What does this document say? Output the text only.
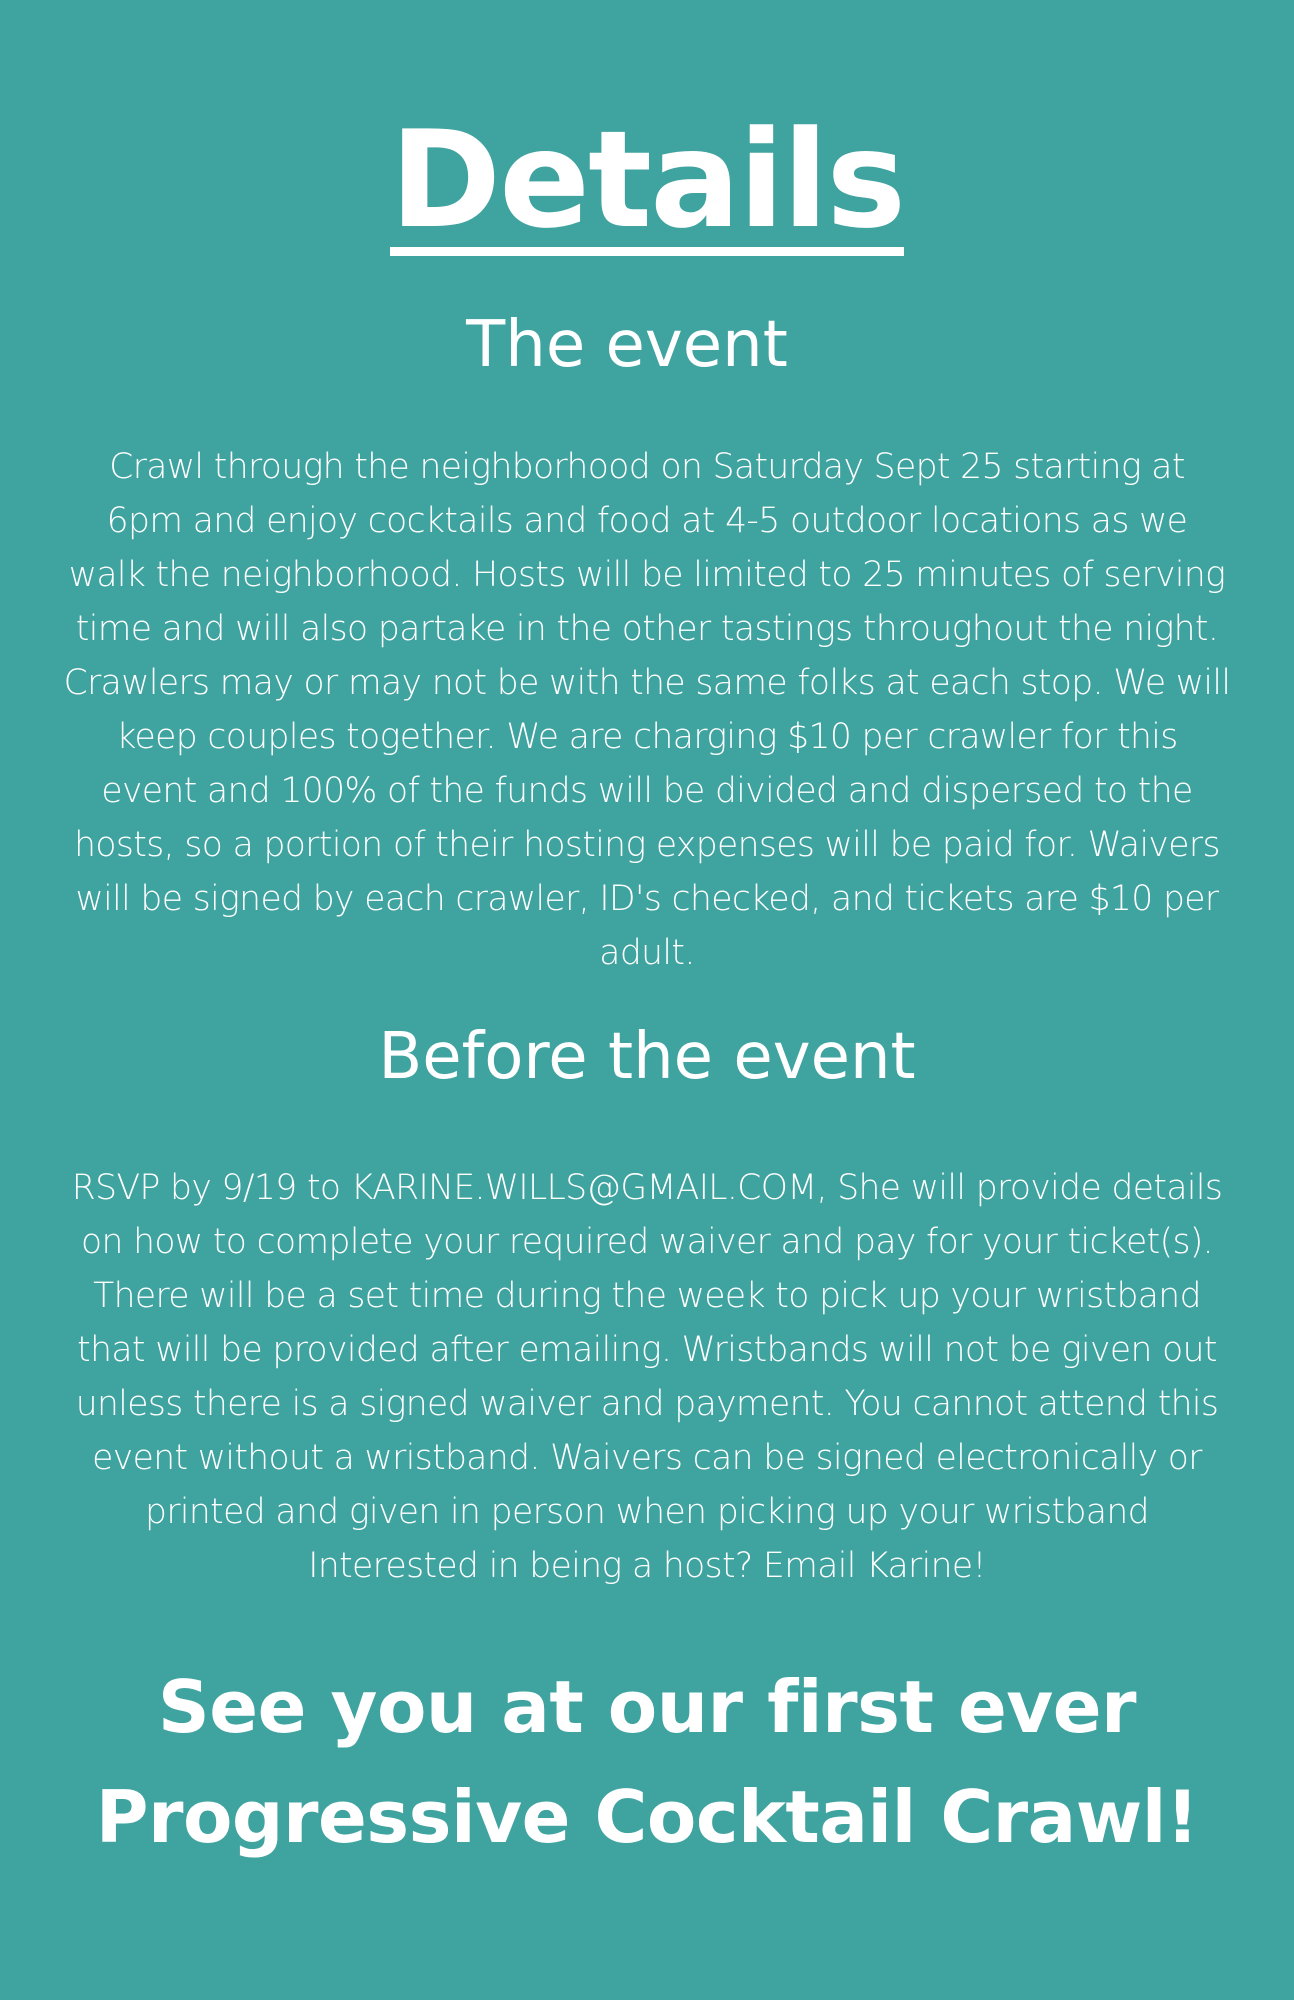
Details
The event
Crawl through the neighborhood on Saturday Sept 25 starting at
6pm and enjoy cocktails and food at 4-5 outdoor locations as we
walk the neighborhood. Hosts will be limited to 25 minutes of serving
time and will also partake in the other tastings throughout the night.
Crawlers may or may not be with the same folks at each stop. We will
keep couples together. We are charging $10 per crawler for this
event and 100% of the funds will be divided and dispersed to the
hosts, so a portion of their hosting expenses will be paid for. Waivers
will be signed by each crawler, ID's checked, and tickets are $10 per
adult.
Before the event
RSVP by 9/19 to KARINE.WILLS@GMAIL.COM, She will provide details
on how to complete your required waiver and pay for your ticket(s).
There will be a set time during the week to pick up your wristband
that will be provided after emailing. Wristbands will not be given out
unless there is a signed waiver and payment. You cannot attend this
event without a wristband. Waivers can be signed electronically or
printed and given in person when picking up your wristband
Interested in being a host? Email Karine!
See you at our first ever
Progressive Cocktail Crawl!
